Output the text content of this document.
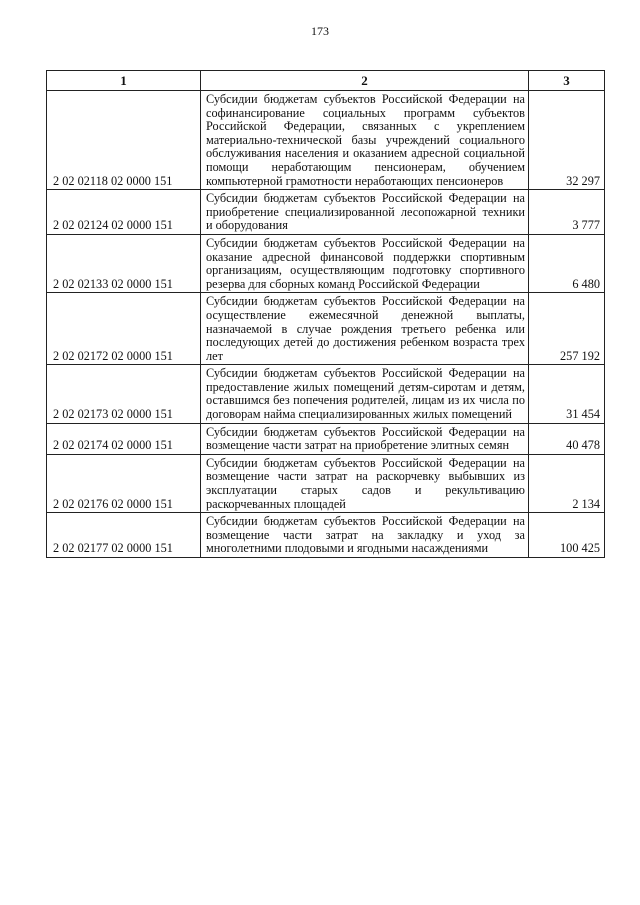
173
1	2	3
2 02 02118 02 0000 151	Субсидии бюджетам субъектов Российской Федерации на софинансирование социальных программ субъектов Российской Федерации, связанных с укреплением материально-технической базы учреждений социального обслуживания населения и оказанием адресной социальной помощи неработающим пенсионерам, обучением компьютерной грамотности неработающих пенсионеров	32 297
2 02 02124 02 0000 151	Субсидии бюджетам субъектов Российской Федерации на приобретение специализированной лесопожарной техники и оборудования	3 777
2 02 02133 02 0000 151	Субсидии бюджетам субъектов Российской Федерации на оказание адресной финансовой поддержки спортивным организациям, осуществляющим подготовку спортивного резерва для сборных команд Российской Федерации	6 480
2 02 02172 02 0000 151	Субсидии бюджетам субъектов Российской Федерации на осуществление ежемесячной денежной выплаты, назначаемой в случае рождения третьего ребенка или последующих детей до достижения ребенком возраста трех лет	257 192
2 02 02173 02 0000 151	Субсидии бюджетам субъектов Российской Федерации на предоставление жилых помещений детям-сиротам и детям, оставшимся без попечения родителей, лицам из их числа по договорам найма специализированных жилых помещений	31 454
2 02 02174 02 0000 151	Субсидии бюджетам субъектов Российской Федерации на возмещение части затрат на приобретение элитных семян	40 478
2 02 02176 02 0000 151	Субсидии бюджетам субъектов Российской Федерации на возмещение части затрат на раскорчевку выбывших из эксплуатации старых садов и рекультивацию раскорчеванных площадей	2 134
2 02 02177 02 0000 151	Субсидии бюджетам субъектов Российской Федерации на возмещение части затрат на закладку и уход за многолетними плодовыми и ягодными насаждениями	100 425
